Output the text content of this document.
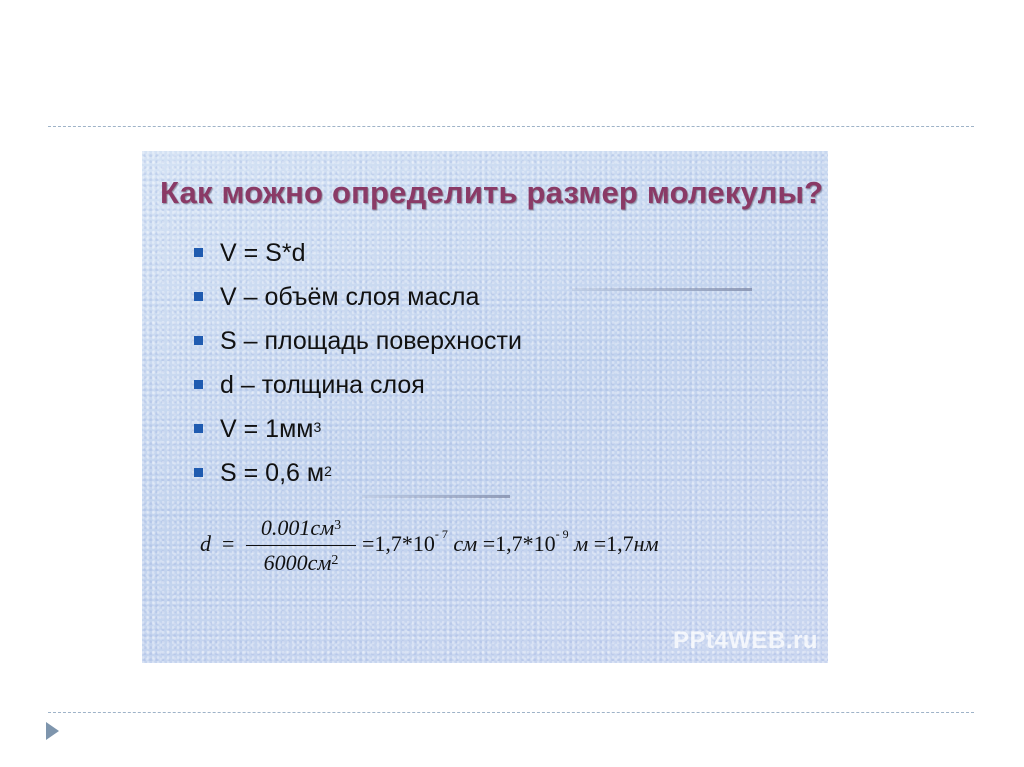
Как можно определить размер молекулы?
V = S*d
V – объём слоя масла
S – площадь поверхности
d – толщина слоя
$V = 1мм^3$
S = 0,6 $м^2$
d =
$0.001см^3$
$6000см^2$
$=1,7*10^{- 7}$ см $=1,7*10^{- 9}$ м =1,7нм
PPt4WEB.ru
